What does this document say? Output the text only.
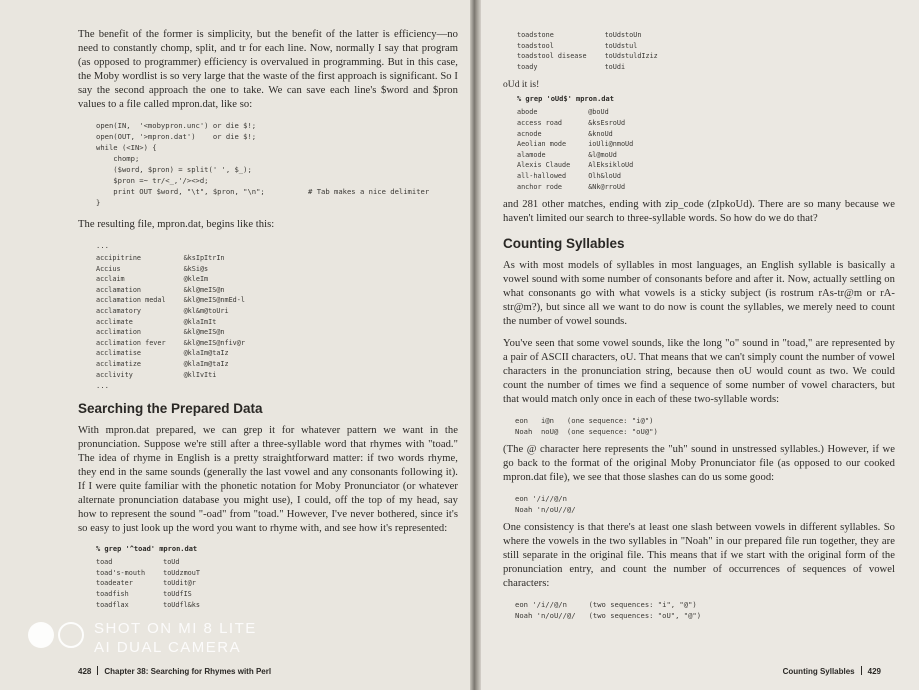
The benefit of the former is simplicity, but the benefit of the latter is efficiency—no need to constantly chomp, split, and tr for each line. Now, normally I say that program (as opposed to programmer) efficiency is overvalued in programming. But in this case, the Moby wordlist is so very large that the waste of the first approach is significant. So I say the second approach the one to take. We can save each line's $word and $pron values to a file called mpron.dat, like so:

open(IN,  '<mobypron.unc') or die $!;
open(OUT, '>mpron.dat')    or die $!;
while (<IN>) {
chomp;
($word, $pron) = split(' ', $_);
$pron =~ tr/<_,'/><>d;
print OUT $word, "\t", $pron, "\n";          # Tab makes a nice delimiter
}

The resulting file, mpron.dat, begins like this:

...
accipitrine	&ksIpItrIn
Accius	&kSi@s
acclaim	@kleIm
acclamation	&kl@meIS@n
acclamation medal	&kl@meIS@nmEd-l
acclamatory	@kl&m@toUri
acclimate	@klaImIt
acclimation	&kl@meIS@n
acclimation fever	&kl@meIS@nfiv@r
acclimatise	@klaIm@taIz
acclimatize	@klaIm@taIz
acclivity	@klIvIti
...
Searching the Prepared Data

With mpron.dat prepared, we can grep it for whatever pattern we want in the pronunciation. Suppose we're still after a three-syllable word that rhymes with "toad." The idea of rhyme in English is a pretty straightforward matter: if two words rhyme, they end in the same sounds (generally the last vowel and any consonants following it). If I were quite familiar with the phonetic notation for Moby Pronunciator (or whatever alternate pronunciation database you might use), I could, off the top of my head, say how to represent the sound "-oad" from "toad." However, I've never bothered, since it's so easy to just look up the word you want to rhyme with, and see how it's represented:

% grep '^toad' mpron.dat
toad	toUd
toad's-mouth	toUdzmouT
toadeater	toUdit@r
toadfish	toUdfIS
toadflax	toUdfl&ks
428 Chapter 38: Searching for Rhymes with Perl
toadstone	toUdstoUn
toadstool	toUdstul
toadstool disease	toUdstuldIziz
toady	toUdi

oUd it is!

% grep 'oUd$' mpron.dat
abode	@boUd
access road	&ksEsroUd
acnode	&knoUd
Aeolian mode	ioUli@nmoUd
alamode	&l@moUd
Alexis Claude	AlEksikloUd
all-hallowed	Olh&loUd
anchor rode	&Nk@rroUd

and 281 other matches, ending with zip_code (zIpkoUd). There are so many because we haven't limited our search to three-syllable words. So how do we do that?

Counting Syllables

As with most models of syllables in most languages, an English syllable is basically a vowel sound with some number of consonants before and after it. Now, actually settling on what consonants go with what vowels is a sticky subject (is rostrum rAs-tr@m or rA-str@m?), but since all we want to do now is count the syllables, we merely need to count the number of vowel sounds.

You've seen that some vowel sounds, like the long "o" sound in "toad," are represented by a pair of ASCII characters, oU. That means that we can't simply count the number of vowel characters in the pronunciation string, because then oU would count as two. We could count the number of times we find a sequence of some number of vowel characters, but that would match only once in each of these two-syllable words:

eon   i@n   (one sequence: "i@")
Noah  noU@  (one sequence: "oU@")

(The @ character here represents the "uh" sound in unstressed syllables.) However, if we go back to the format of the original Moby Pronunciator file (as opposed to our cooked mpron.dat file), we see that those slashes can do us some good:

eon '/i//@/n
Noah 'n/oU//@/

One consistency is that there's at least one slash between vowels in different syllables. So where the vowels in the two syllables in "Noah" in our prepared file run together, they are still separate in the original file. This means that if we start with the original form of the pronunciation entry, and count the number of occurrences of sequences of vowel characters:

eon '/i//@/n     (two sequences: "i", "@")
Noah 'n/oU//@/   (two sequences: "oU", "@")
Counting Syllables 429
SHOT ON MI 8 LITE
AI DUAL CAMERA
